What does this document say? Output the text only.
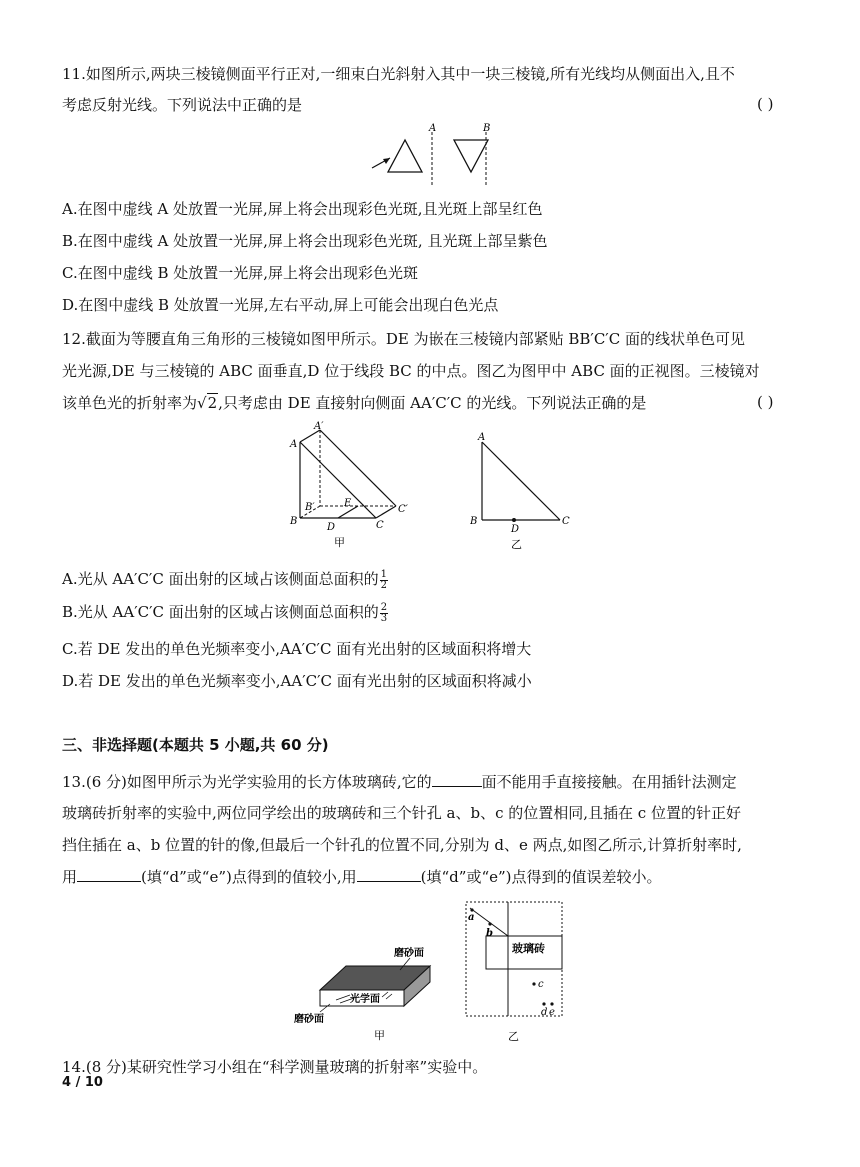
11.如图所示,两块三棱镜侧面平行正对,一细束白光斜射入其中一块三棱镜,所有光线均从侧面出入,且不
考虑反射光线。下列说法中正确的是	( )
A	B
A.在图中虚线 A 处放置一光屏,屏上将会出现彩色光斑,且光斑上部呈红色
B.在图中虚线 A 处放置一光屏,屏上将会出现彩色光斑, 且光斑上部呈紫色
C.在图中虚线 B 处放置一光屏,屏上将会出现彩色光斑
D.在图中虚线 B 处放置一光屏,左右平动,屏上可能会出现白色光点
12.截面为等腰直角三角形的三棱镜如图甲所示。DE 为嵌在三棱镜内部紧贴 BB′C′C 面的线状单色可见
光光源,DE 与三棱镜的 ABC 面垂直,D 位于线段 BC 的中点。图乙为图甲中 ABC 面的正视图。三棱镜对
该单色光的折射率为√2,只考虑由 DE 直接射向侧面 AA′C′C 的光线。下列说法正确的是	( )
A
A′
B
B′
C
C′
D
E
甲
A
B	C
D
乙
A.光从 AA′C′C 面出射的区域占该侧面总面积的 $\frac{1}{2}$
B.光从 AA′C′C 面出射的区域占该侧面总面积的 $\frac{2}{3}$
C.若 DE 发出的单色光频率变小,AA′C′C 面有光出射的区域面积将增大
D.若 DE 发出的单色光频率变小,AA′C′C 面有光出射的区域面积将减小
三、非选择题(本题共 5 小题,共 60 分)
13.(6 分)如图甲所示为光学实验用的长方体玻璃砖,它的	面不能用手直接接触。在用插针法测定
玻璃砖折射率的实验中,两位同学绘出的玻璃砖和三个针孔 a、b、c 的位置相同,且插在 c 位置的针正好
挡住插在 a、b 位置的针的像,但最后一个针孔的位置不同,分别为 d、e 两点,如图乙所示,计算折射率时,
用	(填“d”或“e”)点得到的值较小,用	(填“d”或“e”)点得到的值误差较小。
磨砂面
光学面
磨砂面
甲
a
b
c
d e
玻璃砖
乙
14.(8 分)某研究性学习小组在“科学测量玻璃的折射率”实验中。
4 / 10
